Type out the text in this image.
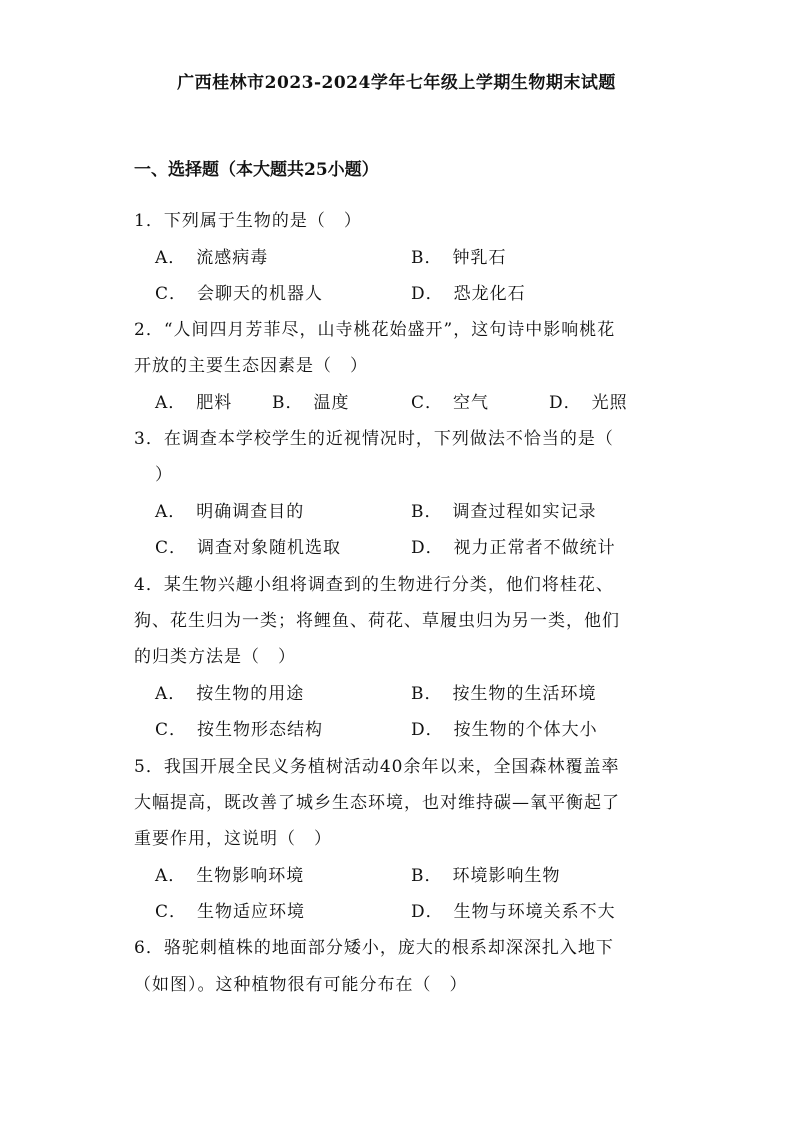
广西桂林市2023-2024学年七年级上学期生物期末试题
一、选择题（本大题共25小题）
1．下列属于生物的是（　）
A． 流感病毒	B． 钟乳石
C． 会聊天的机器人	D． 恐龙化石
2．“人间四月芳菲尽，山寺桃花始盛开”，这句诗中影响桃花
开放的主要生态因素是（　）
A． 肥料 B． 温度	C． 空气	D． 光照
3．在调查本学校学生的近视情况时，下列做法不恰当的是（
）
A． 明确调查目的	B． 调查过程如实记录
C． 调查对象随机选取	D． 视力正常者不做统计
4．某生物兴趣小组将调查到的生物进行分类，他们将桂花、
狗、花生归为一类；将鲤鱼、荷花、草履虫归为另一类，他们
的归类方法是（　）
A． 按生物的用途	B． 按生物的生活环境
C． 按生物形态结构	D． 按生物的个体大小
5．我国开展全民义务植树活动40余年以来，全国森林覆盖率
大幅提高，既改善了城乡生态环境，也对维持碳—氧平衡起了
重要作用，这说明（　）
A． 生物影响环境	B． 环境影响生物
C． 生物适应环境	D． 生物与环境关系不大
6．骆驼刺植株的地面部分矮小，庞大的根系却深深扎入地下
（如图）。这种植物很有可能分布在（　）
